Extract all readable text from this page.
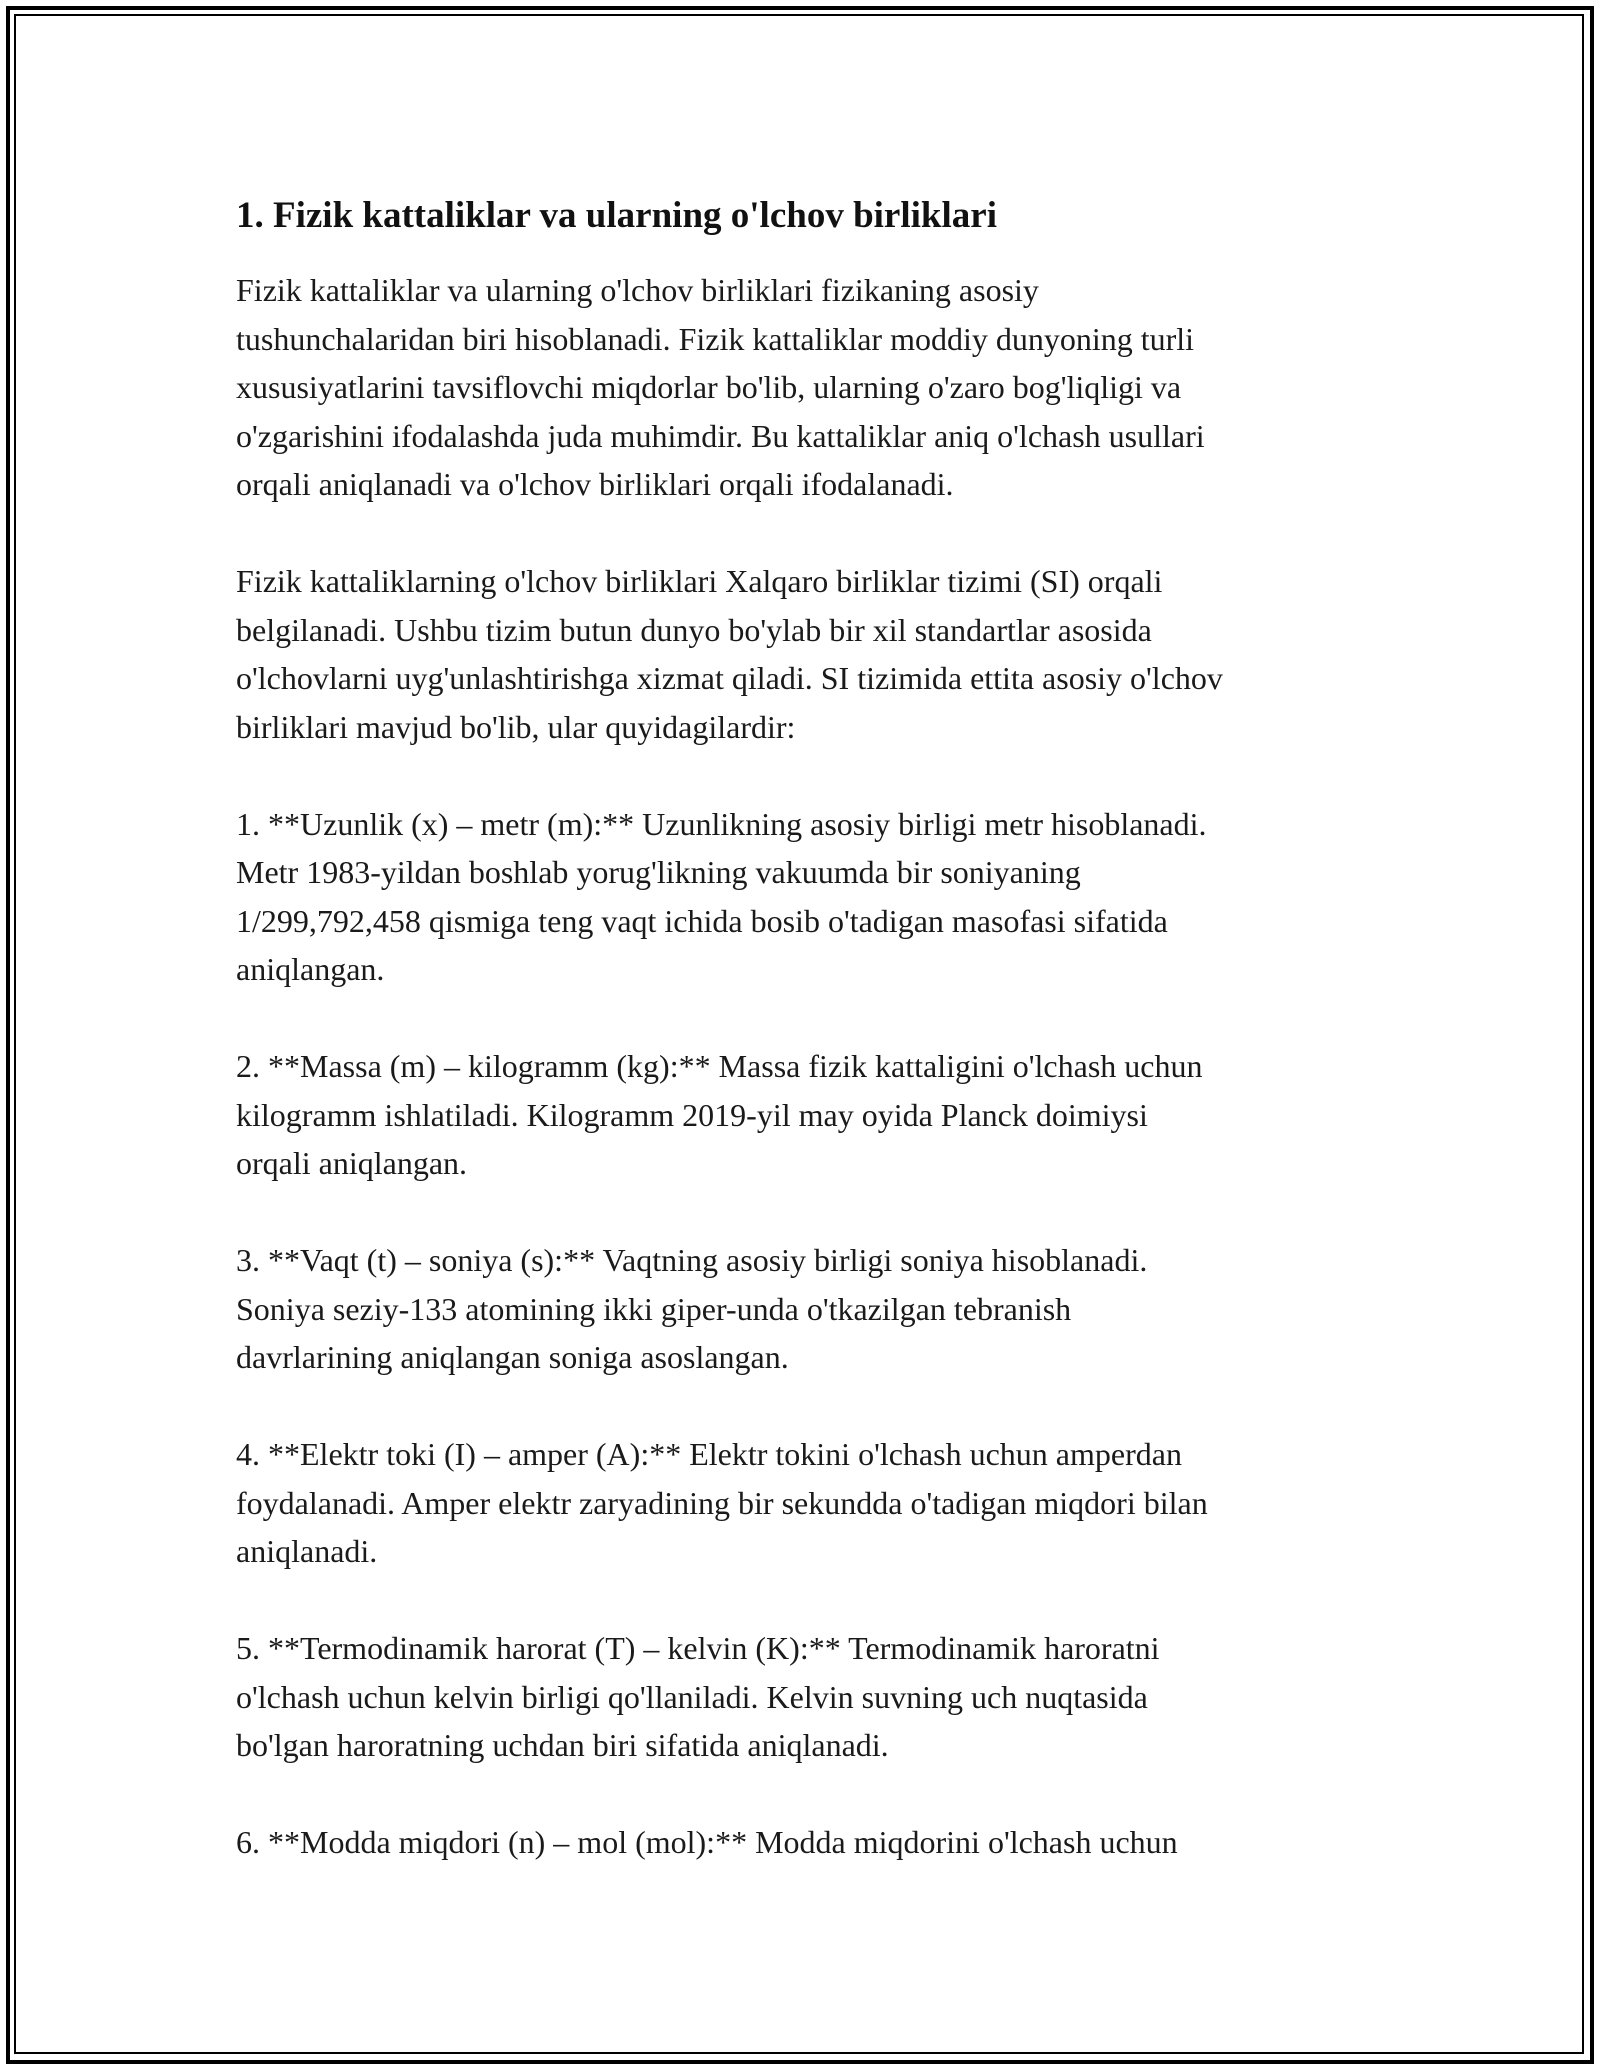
1. Fizik kattaliklar va ularning o'lchov birliklari

Fizik kattaliklar va ularning o'lchov birliklari fizikaning asosiy
tushunchalaridan biri hisoblanadi. Fizik kattaliklar moddiy dunyoning turli
xususiyatlarini tavsiflovchi miqdorlar bo'lib, ularning o'zaro bog'liqligi va
o'zgarishini ifodalashda juda muhimdir. Bu kattaliklar aniq o'lchash usullari
orqali aniqlanadi va o'lchov birliklari orqali ifodalanadi.

Fizik kattaliklarning o'lchov birliklari Xalqaro birliklar tizimi (SI) orqali
belgilanadi. Ushbu tizim butun dunyo bo'ylab bir xil standartlar asosida
o'lchovlarni uyg'unlashtirishga xizmat qiladi. SI tizimida ettita asosiy o'lchov
birliklari mavjud bo'lib, ular quyidagilardir:

1. **Uzunlik (x) – metr (m):** Uzunlikning asosiy birligi metr hisoblanadi.
Metr 1983-yildan boshlab yorug'likning vakuumda bir soniyaning
1/299,792,458 qismiga teng vaqt ichida bosib o'tadigan masofasi sifatida
aniqlangan.

2. **Massa (m) – kilogramm (kg):** Massa fizik kattaligini o'lchash uchun
kilogramm ishlatiladi. Kilogramm 2019-yil may oyida Planck doimiysi
orqali aniqlangan.

3. **Vaqt (t) – soniya (s):** Vaqtning asosiy birligi soniya hisoblanadi.
Soniya seziy-133 atomining ikki giper-unda o'tkazilgan tebranish
davrlarining aniqlangan soniga asoslangan.

4. **Elektr toki (I) – amper (A):** Elektr tokini o'lchash uchun amperdan
foydalanadi. Amper elektr zaryadining bir sekundda o'tadigan miqdori bilan
aniqlanadi.

5. **Termodinamik harorat (T) – kelvin (K):** Termodinamik haroratni
o'lchash uchun kelvin birligi qo'llaniladi. Kelvin suvning uch nuqtasida
bo'lgan haroratning uchdan biri sifatida aniqlanadi.

6. **Modda miqdori (n) – mol (mol):** Modda miqdorini o'lchash uchun
